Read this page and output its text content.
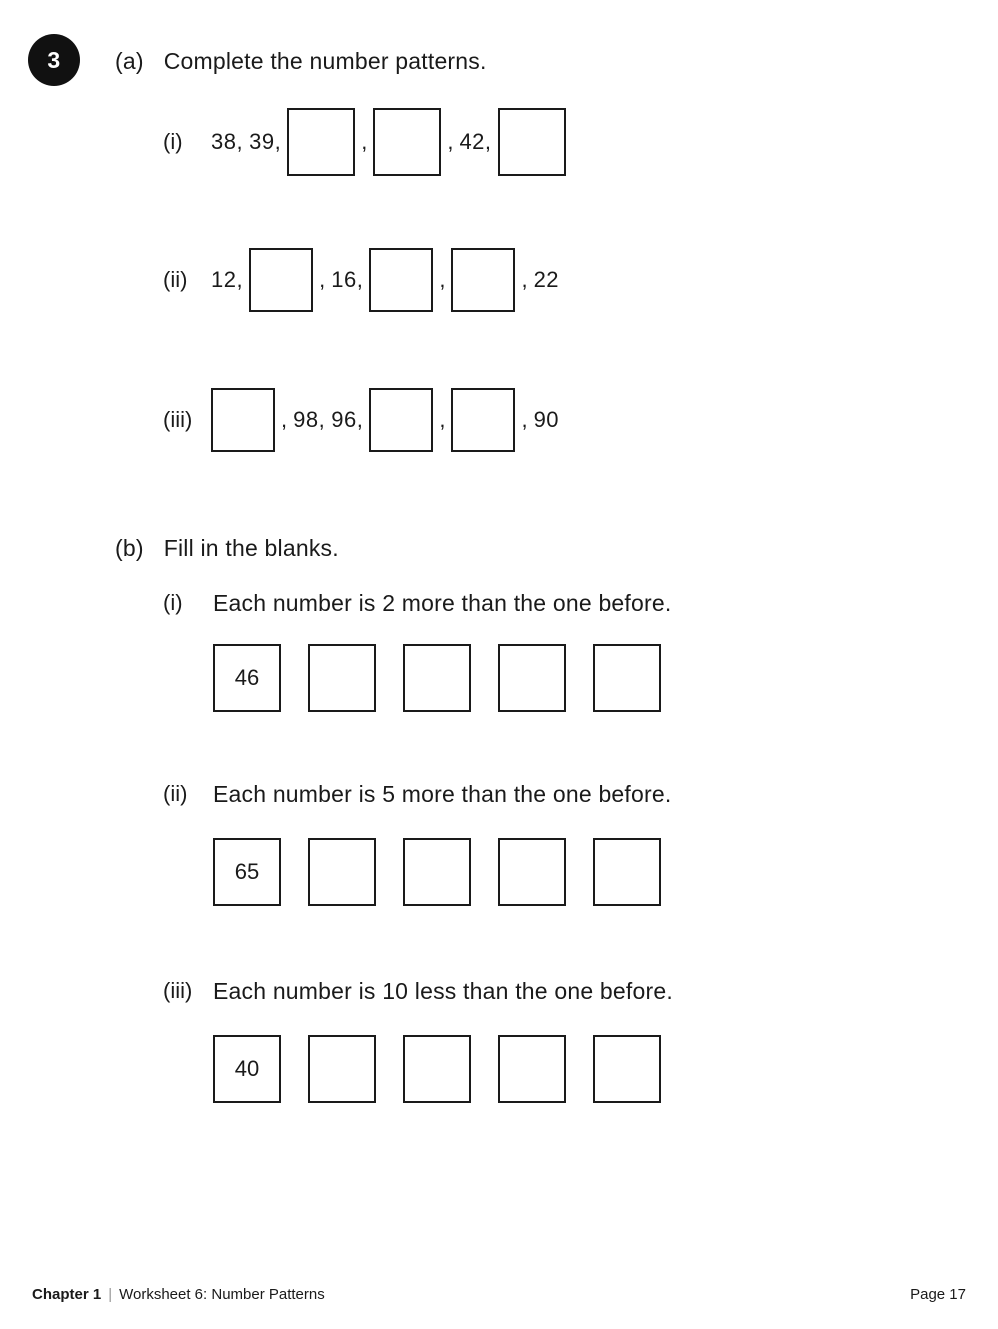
3 (a) Complete the number patterns.
(i)	38, 39,	,	, 42,
(ii)	12,	, 16,	,	, 22
(iii)	, 98, 96,	,	, 90
(b) Fill in the blanks.
(i)	Each number is 2 more than the one before.
46
(ii)	Each number is 5 more than the one before.
65
(iii) Each number is 10 less than the one before.
40
Chapter 1 | Worksheet 6: Number Patterns	Page 17
